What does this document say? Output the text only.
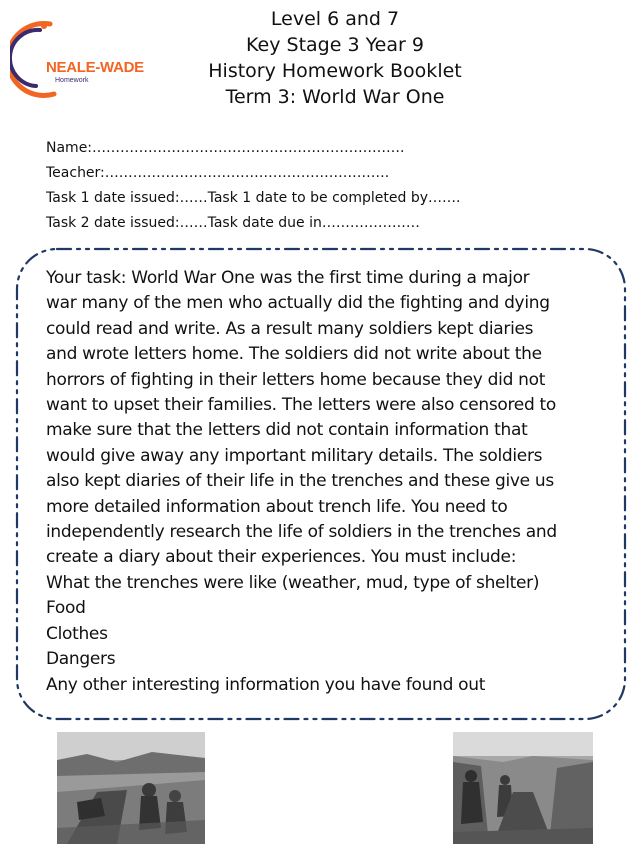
NEALE-WADE
Homework
Level 6 and 7
Key Stage 3 Year 9
History Homework Booklet
Term 3: World War One
Name:………………………………………………………….
Teacher:…………………………………………………….
Task 1 date issued:……Task 1 date to be completed by…….
Task 2 date issued:……Task date due in…………………
Your task: World War One was the first time during a major
war many of the men who actually did the fighting and dying
could read and write. As a result many soldiers kept diaries
and wrote letters home. The soldiers did not write about the
horrors of fighting in their letters home because they did not
want to upset their families. The letters were also censored to
make sure that the letters did not contain information that
would give away any important military details. The soldiers
also kept diaries of their life in the trenches and these give us
more detailed information about trench life. You need to
independently research the life of soldiers in the trenches and
create a diary about their experiences. You must include:
What the trenches were like (weather, mud, type of shelter)
Food
Clothes
Dangers
Any other interesting information you have found out
